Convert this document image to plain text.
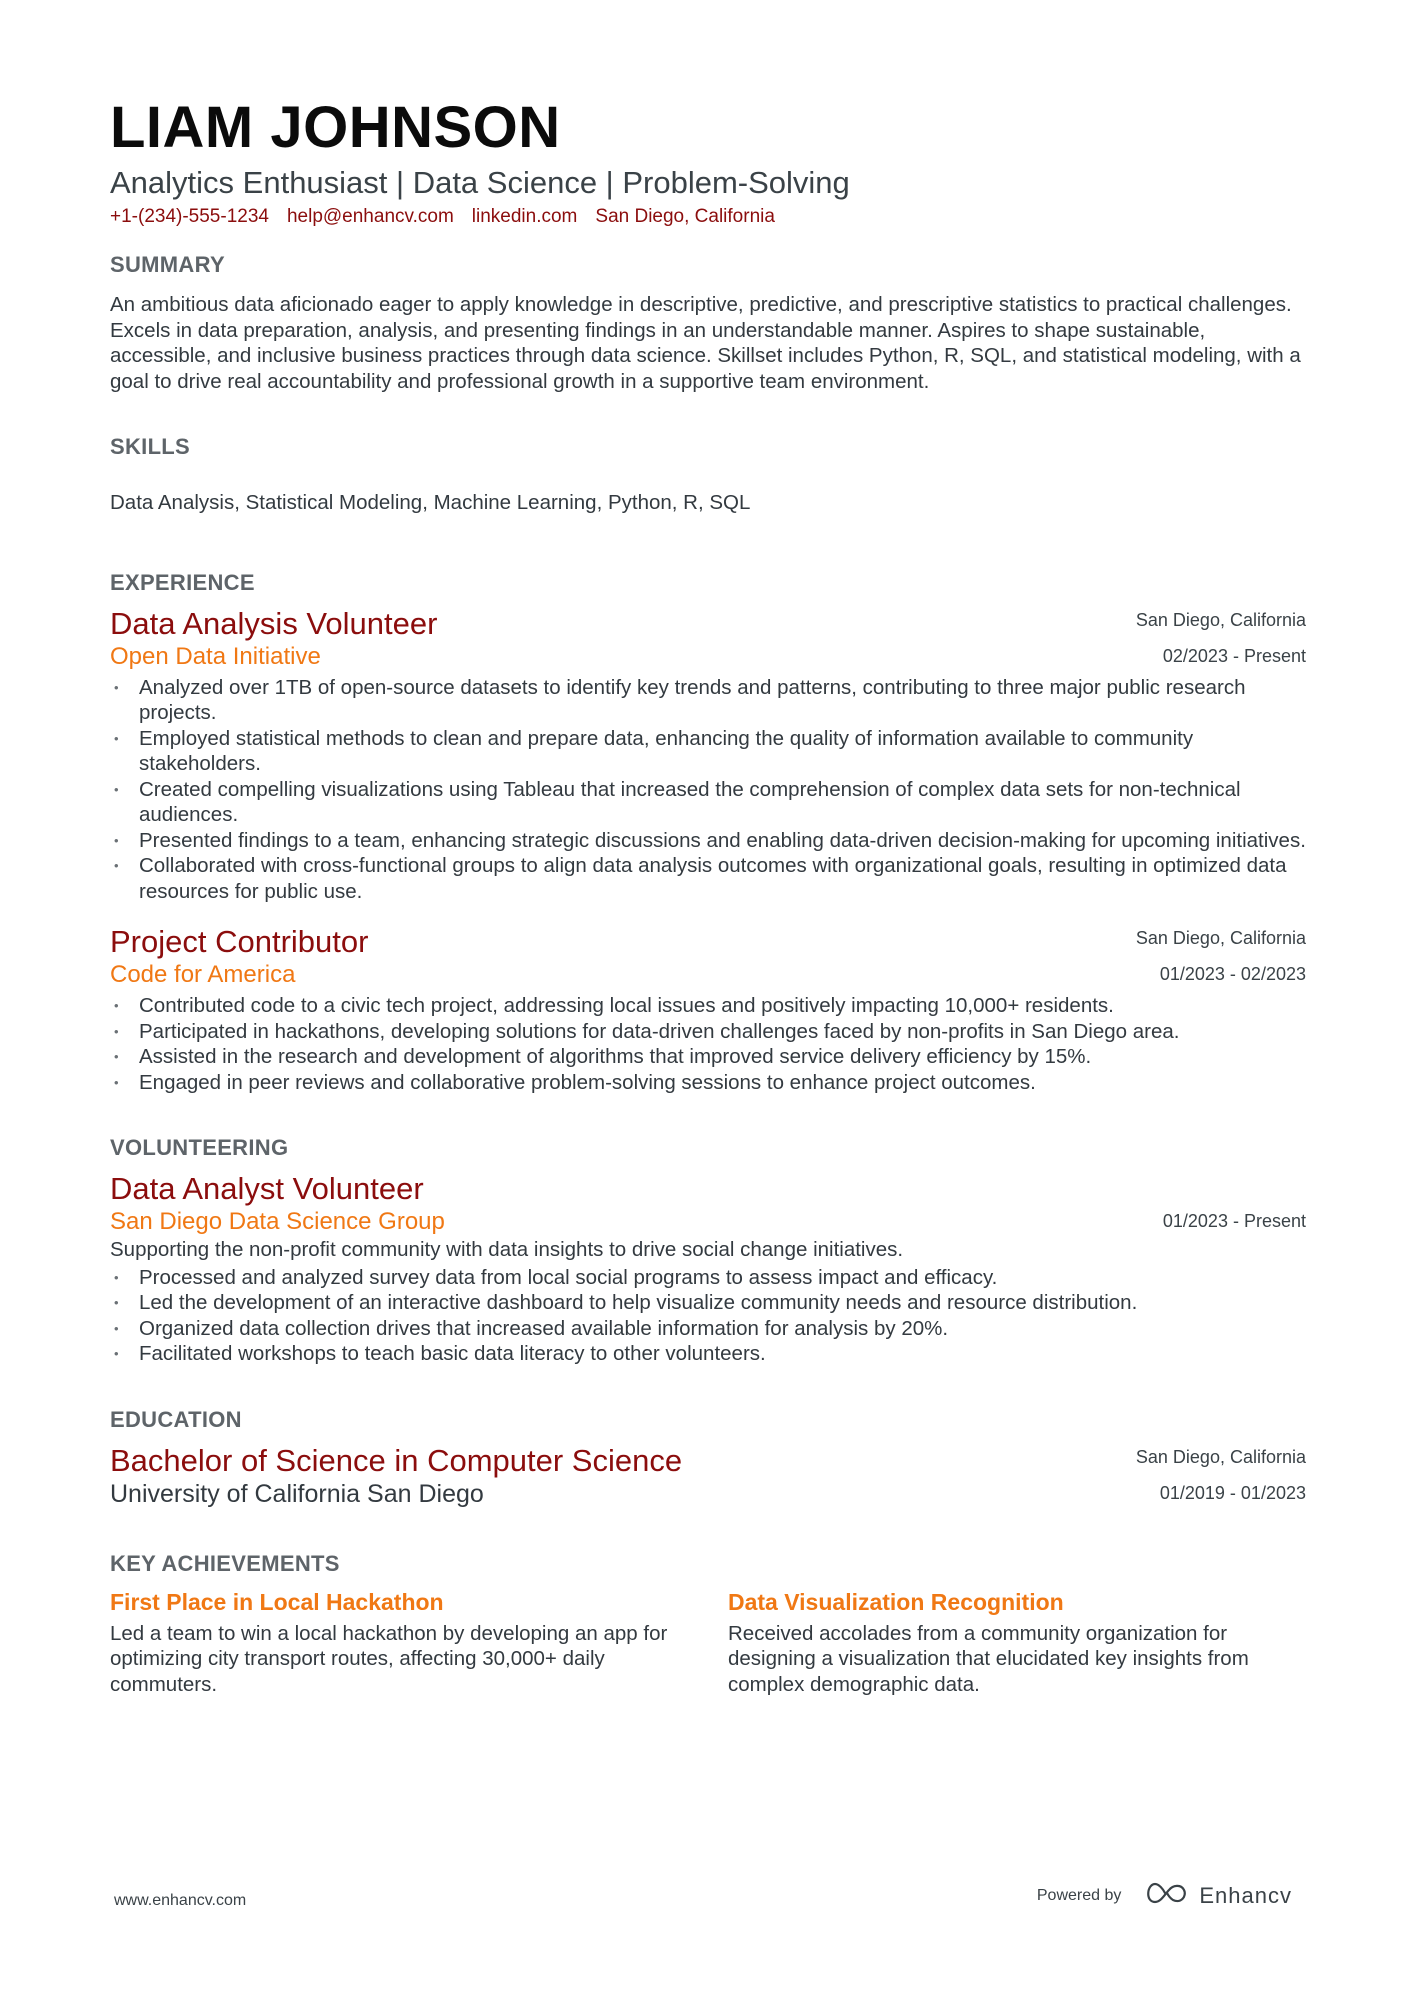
LIAM JOHNSON
Analytics Enthusiast | Data Science | Problem-Solving
+1-(234)-555-1234 help@enhancv.com linkedin.com San Diego, California
SUMMARY
An ambitious data aficionado eager to apply knowledge in descriptive, predictive, and prescriptive statistics to practical challenges. Excels in data preparation, analysis, and presenting findings in an understandable manner. Aspires to shape sustainable, accessible, and inclusive business practices through data science. Skillset includes Python, R, SQL, and statistical modeling, with a goal to drive real accountability and professional growth in a supportive team environment.
SKILLS
Data Analysis, Statistical Modeling, Machine Learning, Python, R, SQL
EXPERIENCE
San Diego, California
02/2023 - Present
Data Analysis Volunteer
Open Data Initiative
• Analyzed over 1TB of open-source datasets to identify key trends and patterns, contributing to three major public research projects.
• Employed statistical methods to clean and prepare data, enhancing the quality of information available to community stakeholders.
• Created compelling visualizations using Tableau that increased the comprehension of complex data sets for non-technical audiences.
• Presented findings to a team, enhancing strategic discussions and enabling data-driven decision-making for upcoming initiatives.
• Collaborated with cross-functional groups to align data analysis outcomes with organizational goals, resulting in optimized data resources for public use.
San Diego, California
01/2023 - 02/2023
Project Contributor
Code for America
• Contributed code to a civic tech project, addressing local issues and positively impacting 10,000+ residents.
• Participated in hackathons, developing solutions for data-driven challenges faced by non-profits in San Diego area.
• Assisted in the research and development of algorithms that improved service delivery efficiency by 15%.
• Engaged in peer reviews and collaborative problem-solving sessions to enhance project outcomes.
VOLUNTEERING
01/2023 - Present
Data Analyst Volunteer
San Diego Data Science Group
Supporting the non-profit community with data insights to drive social change initiatives.
• Processed and analyzed survey data from local social programs to assess impact and efficacy.
• Led the development of an interactive dashboard to help visualize community needs and resource distribution.
• Organized data collection drives that increased available information for analysis by 20%.
• Facilitated workshops to teach basic data literacy to other volunteers.
EDUCATION
San Diego, California
01/2019 - 01/2023
Bachelor of Science in Computer Science
University of California San Diego
KEY ACHIEVEMENTS
First Place in Local Hackathon
Led a team to win a local hackathon by developing an app for optimizing city transport routes, affecting 30,000+ daily commuters.
Data Visualization Recognition
Received accolades from a community organization for designing a visualization that elucidated key insights from complex demographic data.
www.enhancv.com	Powered by	Enhancv
